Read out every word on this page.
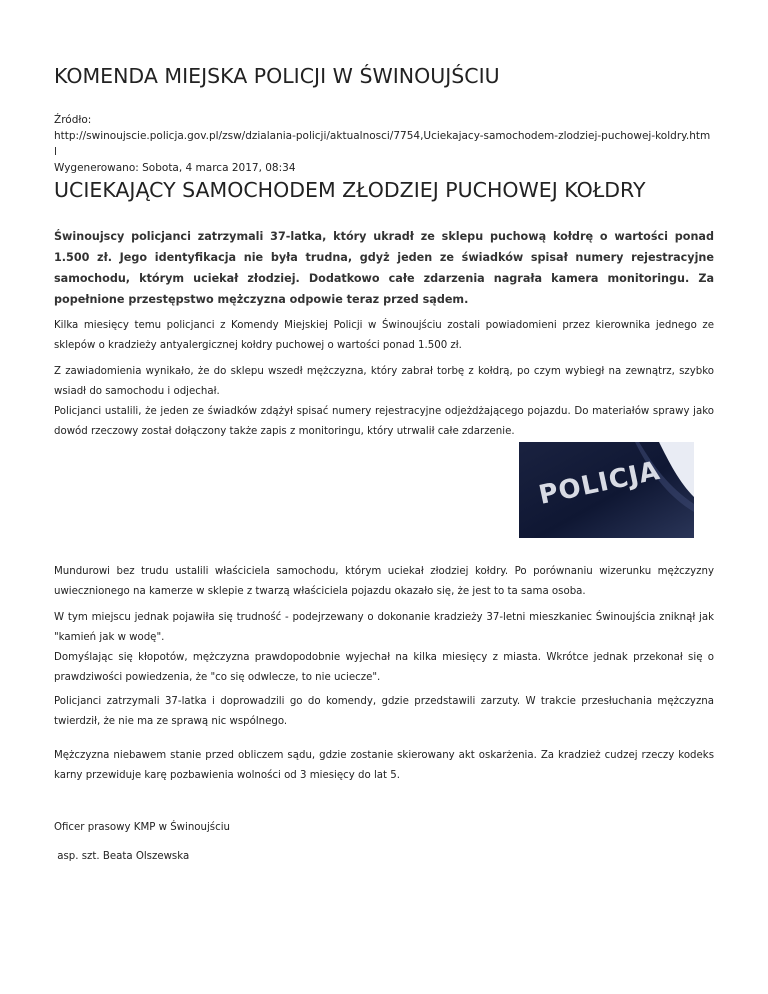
KOMENDA MIEJSKA POLICJI W ŚWINOUJŚCIU
Źródło:
http://swinoujscie.policja.gov.pl/zsw/dzialania-policji/aktualnosci/7754,Uciekajacy-samochodem-zlodziej-puchowej-koldry.htm l
Wygenerowano: Sobota, 4 marca 2017, 08:34
UCIEKAJĄCY SAMOCHODEM ZŁODZIEJ PUCHOWEJ KOŁDRY
Świnoujscy policjanci zatrzymali 37-latka, który ukradł ze sklepu puchową kołdrę o wartości ponad 1.500 zł. Jego identyfikacja nie była trudna, gdyż jeden ze świadków spisał numery rejestracyjne samochodu, którym uciekał złodziej. Dodatkowo całe zdarzenia nagrała kamera monitoringu. Za popełnione przestępstwo mężczyzna odpowie teraz przed sądem.
Kilka miesięcy temu policjanci z Komendy Miejskiej Policji w Świnoujściu zostali powiadomieni przez kierownika jednego ze sklepów o kradzieży antyalergicznej kołdry puchowej o wartości ponad 1.500 zł.
Z zawiadomienia wynikało, że do sklepu wszedł mężczyzna, który zabrał torbę z kołdrą, po czym wybiegł na zewnątrz, szybko wsiadł do samochodu i odjechał.
Policjanci ustalili, że jeden ze świadków zdążył spisać numery rejestracyjne odjeżdżającego pojazdu. Do materiałów sprawy jako dowód rzeczowy został dołączony także zapis z monitoringu, który utrwalił całe zdarzenie.
POLICJA
Mundurowi bez trudu ustalili właściciela samochodu, którym uciekał złodziej kołdry. Po porównaniu wizerunku mężczyzny uwiecznionego na kamerze w sklepie z twarzą właściciela pojazdu okazało się, że jest to ta sama osoba.
W tym miejscu jednak pojawiła się trudność - podejrzewany o dokonanie kradzieży 37-letni mieszkaniec Świnoujścia zniknął jak "kamień jak w wodę".
Domyślając się kłopotów, mężczyzna prawdopodobnie wyjechał na kilka miesięcy z miasta. Wkrótce jednak przekonał się o prawdziwości powiedzenia, że "co się odwlecze, to nie uciecze".
Policjanci zatrzymali 37-latka i doprowadzili go do komendy, gdzie przedstawili zarzuty. W trakcie przesłuchania mężczyzna twierdził, że nie ma ze sprawą nic wspólnego.
Mężczyzna niebawem stanie przed obliczem sądu, gdzie zostanie skierowany akt oskarżenia. Za kradzież cudzej rzeczy kodeks karny przewiduje karę pozbawienia wolności od 3 miesięcy do lat 5.
Oficer prasowy KMP w Świnoujściu
asp. szt. Beata Olszewska
